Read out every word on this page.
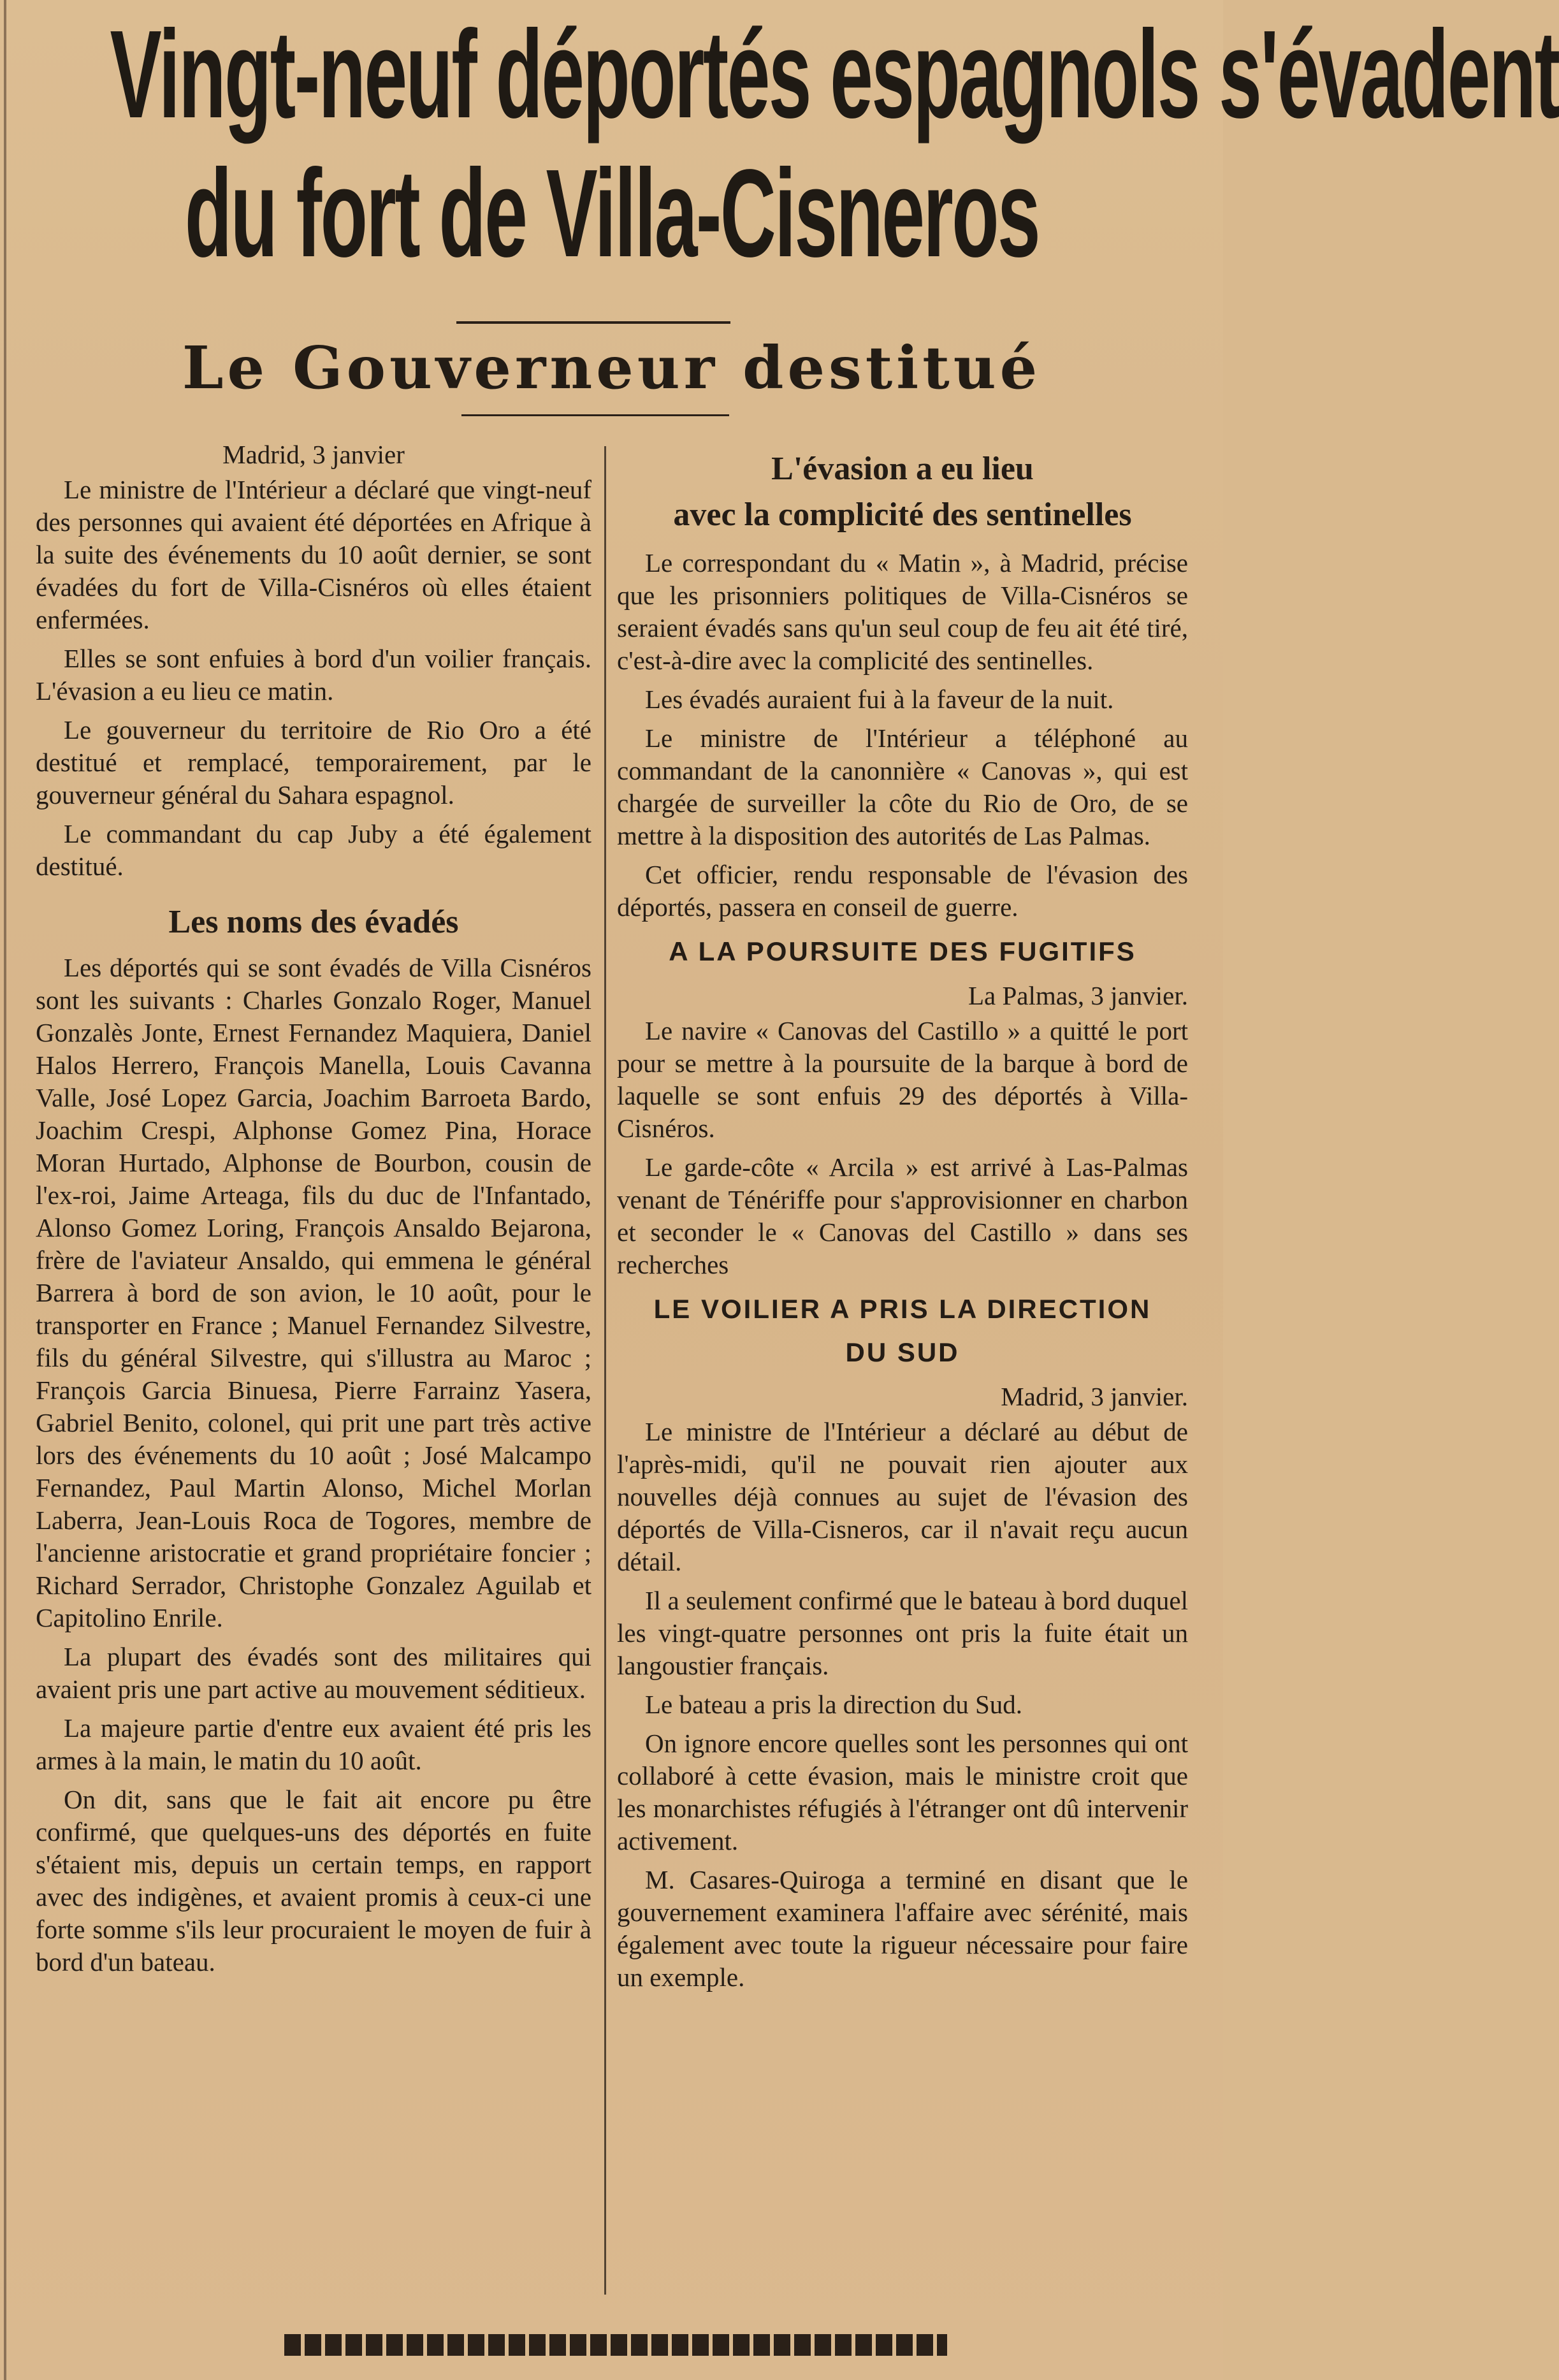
Vingt-neuf déportés espagnols s'évadent
du fort de Villa-Cisneros
Le Gouverneur destitué

Madrid, 3 janvier

Le ministre de l'Intérieur a déclaré que vingt-neuf des personnes qui avaient été déportées en Afrique à la suite des événements du 10 août dernier, se sont évadées du fort de Villa-Cisnéros où elles étaient enfermées.

Elles se sont enfuies à bord d'un voilier français. L'évasion a eu lieu ce matin.

Le gouverneur du territoire de Rio Oro a été destitué et remplacé, temporairement, par le gouverneur général du Sahara espagnol.

Le commandant du cap Juby a été également destitué.

Les noms des évadés

Les déportés qui se sont évadés de Villa Cisnéros sont les suivants : Charles Gonzalo Roger, Manuel Gonzalès Jonte, Ernest Fernandez Maquiera, Daniel Halos Herrero, François Manella, Louis Cavanna Valle, José Lopez Garcia, Joachim Barroeta Bardo, Joachim Crespi, Alphonse Gomez Pina, Horace Moran Hurtado, Alphonse de Bourbon, cousin de l'ex-roi, Jaime Arteaga, fils du duc de l'Infantado, Alonso Gomez Loring, François Ansaldo Bejarona, frère de l'aviateur Ansaldo, qui emmena le général Barrera à bord de son avion, le 10 août, pour le transporter en France ; Manuel Fernandez Silvestre, fils du général Silvestre, qui s'illustra au Maroc ; François Garcia Binuesa, Pierre Farrainz Yasera, Gabriel Benito, colonel, qui prit une part très active lors des événements du 10 août ; José Malcampo Fernandez, Paul Martin Alonso, Michel Morlan Laberra, Jean-Louis Roca de Togores, membre de l'ancienne aristocratie et grand propriétaire foncier ; Richard Serrador, Christophe Gonzalez Aguilab et Capitolino Enrile.

La plupart des évadés sont des militaires qui avaient pris une part active au mouvement séditieux.

La majeure partie d'entre eux avaient été pris les armes à la main, le matin du 10 août.

On dit, sans que le fait ait encore pu être confirmé, que quelques-uns des déportés en fuite s'étaient mis, depuis un certain temps, en rapport avec des indigènes, et avaient promis à ceux-ci une forte somme s'ils leur procuraient le moyen de fuir à bord d'un bateau.

L'évasion a eu lieu

avec la complicité des sentinelles

Le correspondant du « Matin », à Madrid, précise que les prisonniers politiques de Villa-Cisnéros se seraient évadés sans qu'un seul coup de feu ait été tiré, c'est-à-dire avec la complicité des sentinelles.

Les évadés auraient fui à la faveur de la nuit.

Le ministre de l'Intérieur a téléphoné au commandant de la canonnière « Canovas », qui est chargée de surveiller la côte du Rio de Oro, de se mettre à la disposition des autorités de Las Palmas.

Cet officier, rendu responsable de l'évasion des déportés, passera en conseil de guerre.

A LA POURSUITE DES FUGITIFS

La Palmas, 3 janvier.

Le navire « Canovas del Castillo » a quitté le port pour se mettre à la poursuite de la barque à bord de laquelle se sont enfuis 29 des déportés à Villa-Cisnéros.

Le garde-côte « Arcila » est arrivé à Las-Palmas venant de Ténériffe pour s'approvisionner en charbon et seconder le « Canovas del Castillo » dans ses recherches

LE VOILIER A PRIS LA DIRECTION

DU SUD

Madrid, 3 janvier.

Le ministre de l'Intérieur a déclaré au début de l'après-midi, qu'il ne pouvait rien ajouter aux nouvelles déjà connues au sujet de l'évasion des déportés de Villa-Cisneros, car il n'avait reçu aucun détail.

Il a seulement confirmé que le bateau à bord duquel les vingt-quatre personnes ont pris la fuite était un langoustier français.

Le bateau a pris la direction du Sud.

On ignore encore quelles sont les personnes qui ont collaboré à cette évasion, mais le ministre croit que les monarchistes réfugiés à l'étranger ont dû intervenir activement.

M. Casares-Quiroga a terminé en disant que le gouvernement examinera l'affaire avec sérénité, mais également avec toute la rigueur nécessaire pour faire un exemple.
